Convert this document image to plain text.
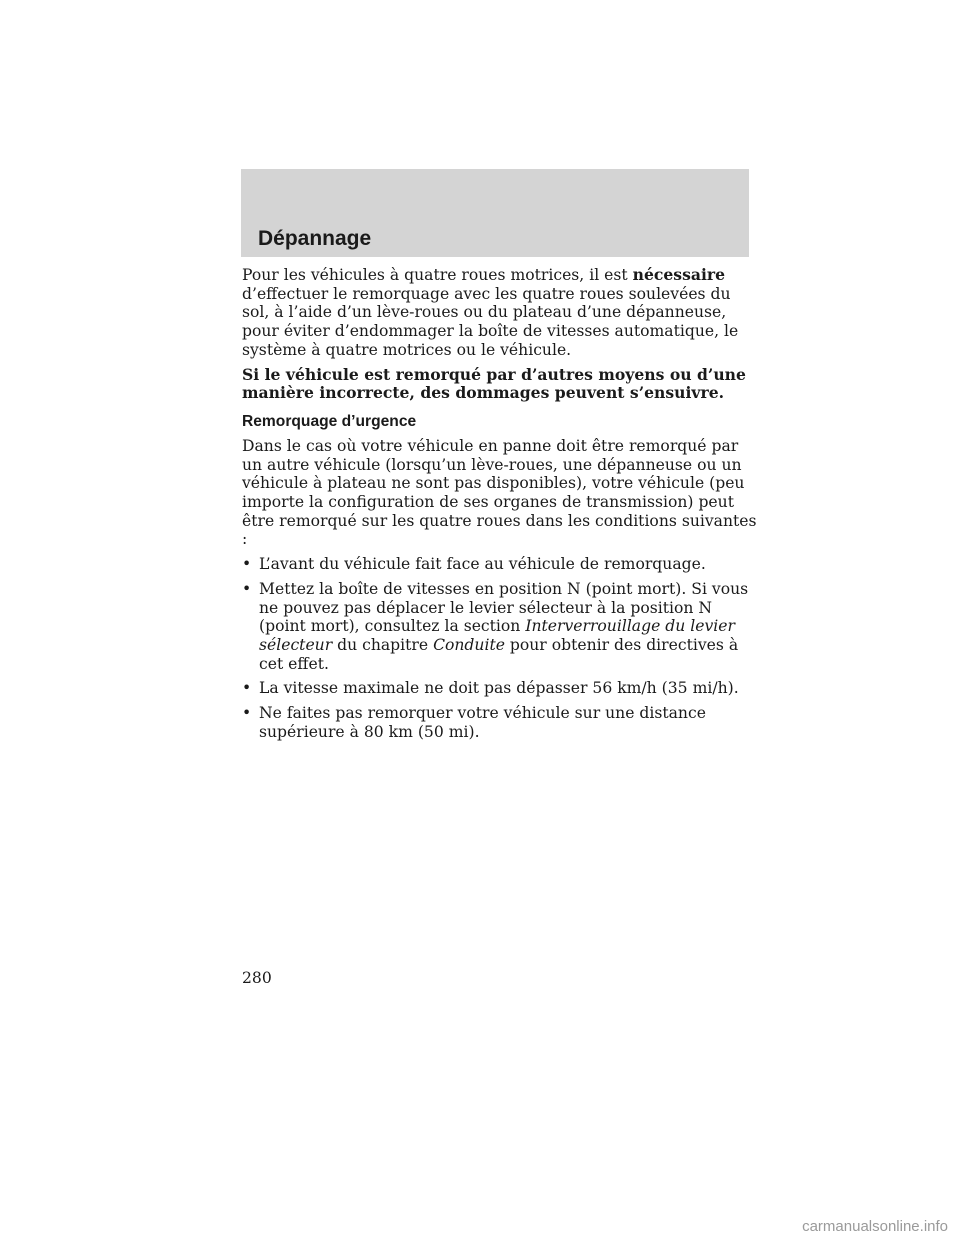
Dépannage

Pour les véhicules à quatre roues motrices, il est nécessaire d’effectuer le remorquage avec les quatre roues soulevées du sol, à l’aide d’un lève-roues ou du plateau d’une dépanneuse, pour éviter d’endommager la boîte de vitesses automatique, le système à quatre motrices ou le véhicule.

Si le véhicule est remorqué par d’autres moyens ou d’une manière incorrecte, des dommages peuvent s’ensuivre.

Remorquage d’urgence

Dans le cas où votre véhicule en panne doit être remorqué par un autre véhicule (lorsqu’un lève-roues, une dépanneuse ou un véhicule à plateau ne sont pas disponibles), votre véhicule (peu importe la configuration de ses organes de transmission) peut être remorqué sur les quatre roues dans les conditions suivantes :

• L’avant du véhicule fait face au véhicule de remorquage.
• Mettez la boîte de vitesses en position N (point mort). Si vous ne pouvez pas déplacer le levier sélecteur à la position N (point mort), consultez la section Interverrouillage du levier sélecteur du chapitre Conduite pour obtenir des directives à cet effet.
• La vitesse maximale ne doit pas dépasser 56 km/h (35 mi/h).
• Ne faites pas remorquer votre véhicule sur une distance supérieure à 80 km (50 mi).
280
carmanualsonline.info
